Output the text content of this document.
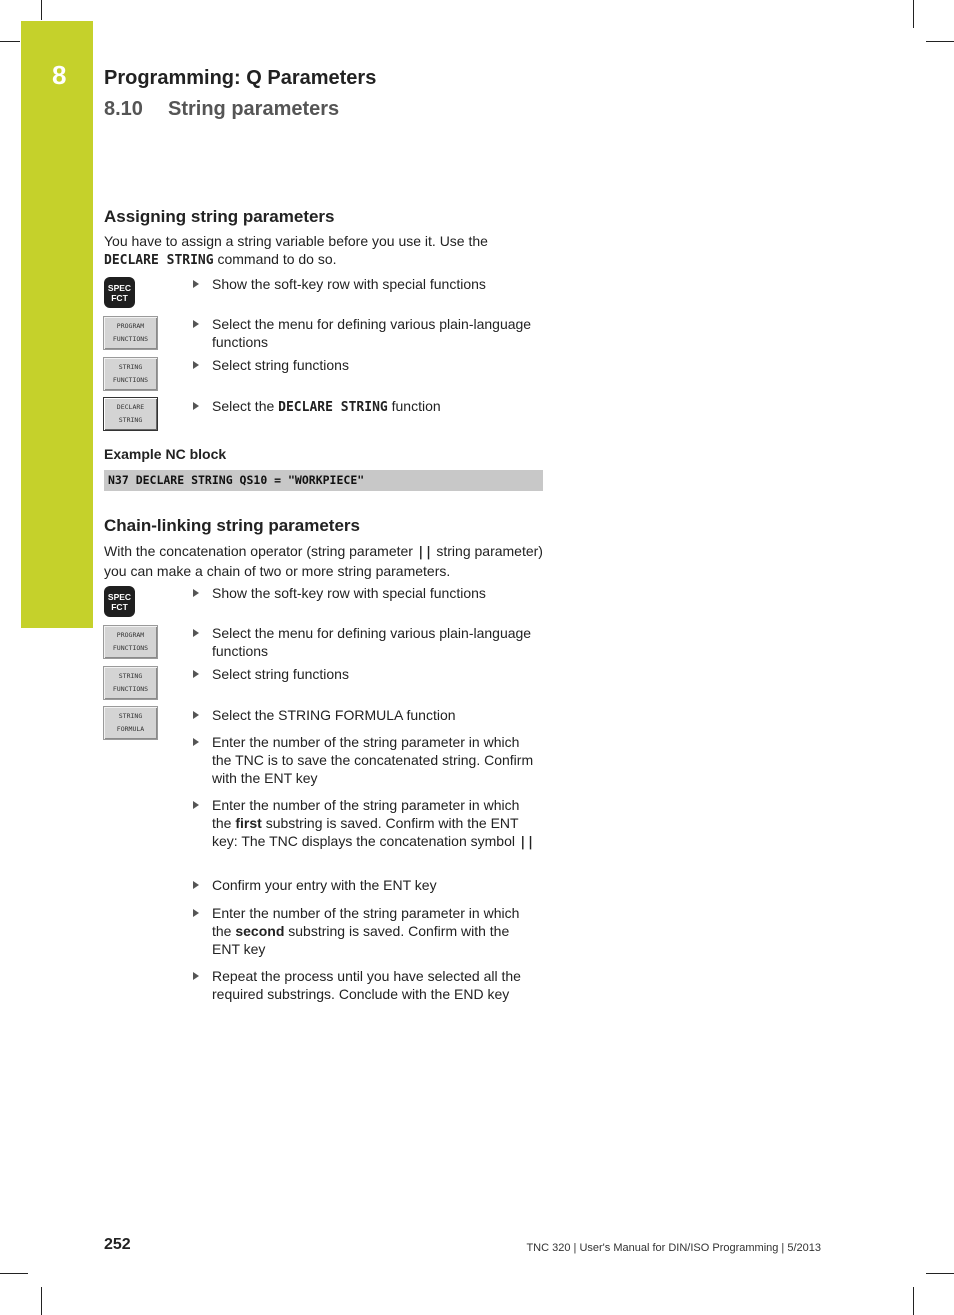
8 Programming: Q Parameters
8.10 String parameters
Assigning string parameters
You have to assign a string variable before you use it. Use the DECLARE STRING command to do so.
SPEC
FCT
Show the soft-key row with special functions
PROGRAM
FUNCTIONS
Select the menu for defining various plain-language functions
STRING
FUNCTIONS
Select string functions
DECLARE
STRING
Select the DECLARE STRING function
Example NC block
N37 DECLARE STRING QS10 = "WORKPIECE"
Chain-linking string parameters
With the concatenation operator (string parameter || string parameter) you can make a chain of two or more string parameters.
SPEC
FCT
Show the soft-key row with special functions
PROGRAM
FUNCTIONS
Select the menu for defining various plain-language functions
STRING
FUNCTIONS
Select string functions
STRING
FORMULA
Select the STRING FORMULA function
Enter the number of the string parameter in which the TNC is to save the concatenated string. Confirm with the ENT key
Enter the number of the string parameter in which the first substring is saved. Confirm with the ENT key: The TNC displays the concatenation symbol ||
Confirm your entry with the ENT key
Enter the number of the string parameter in which the second substring is saved. Confirm with the ENT key
Repeat the process until you have selected all the required substrings. Conclude with the END key
252	TNC 320 | User's Manual for DIN/ISO Programming | 5/2013
